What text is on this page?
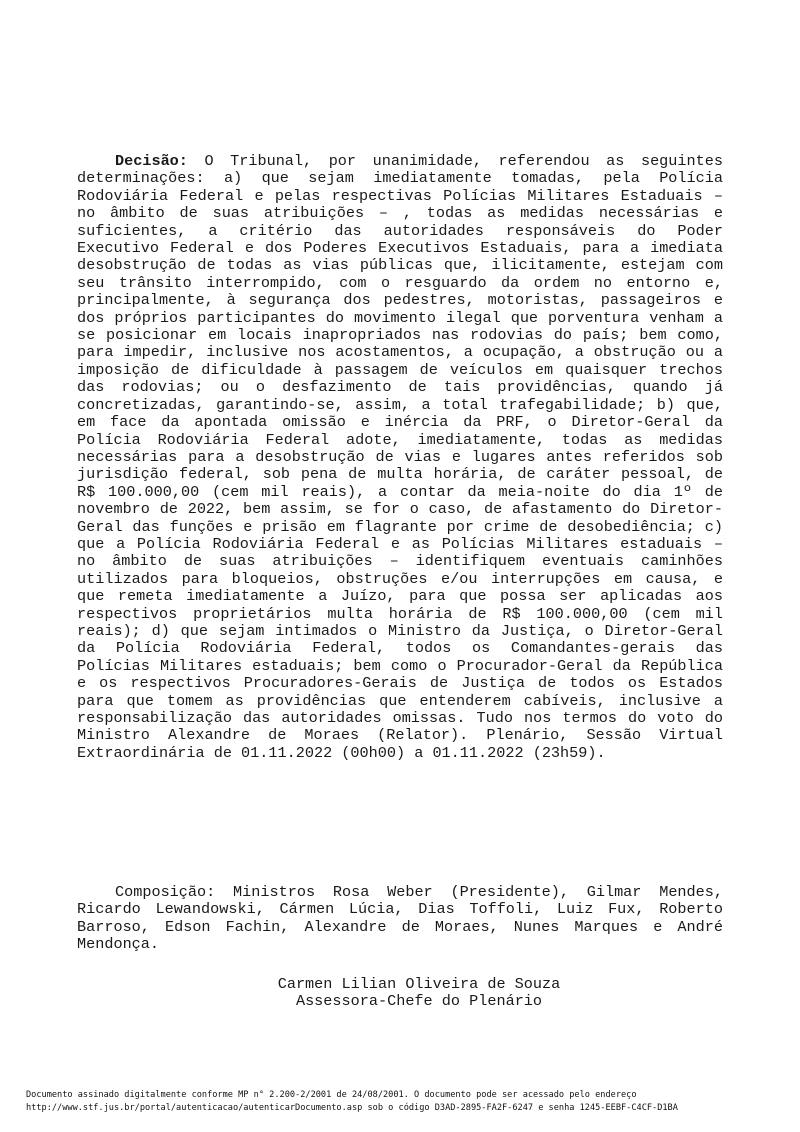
Decisão: O Tribunal, por unanimidade, referendou as seguintes determinações: a) que sejam imediatamente tomadas, pela Polícia Rodoviária Federal e pelas respectivas Polícias Militares Estaduais – no âmbito de suas atribuições – , todas as medidas necessárias e suficientes, a critério das autoridades responsáveis do Poder Executivo Federal e dos Poderes Executivos Estaduais, para a imediata desobstrução de todas as vias públicas que, ilicitamente, estejam com seu trânsito interrompido, com o resguardo da ordem no entorno e, principalmente, à segurança dos pedestres, motoristas, passageiros e dos próprios participantes do movimento ilegal que porventura venham a se posicionar em locais inapropriados nas rodovias do país; bem como, para impedir, inclusive nos acostamentos, a ocupação, a obstrução ou a imposição de dificuldade à passagem de veículos em quaisquer trechos das rodovias; ou o desfazimento de tais providências, quando já concretizadas, garantindo-se, assim, a total trafegabilidade; b) que, em face da apontada omissão e inércia da PRF, o Diretor-Geral da Polícia Rodoviária Federal adote, imediatamente, todas as medidas necessárias para a desobstrução de vias e lugares antes referidos sob jurisdição federal, sob pena de multa horária, de caráter pessoal, de R$ 100.000,00 (cem mil reais), a contar da meia-noite do dia 1º de novembro de 2022, bem assim, se for o caso, de afastamento do Diretor-Geral das funções e prisão em flagrante por crime de desobediência; c) que a Polícia Rodoviária Federal e as Polícias Militares estaduais – no âmbito de suas atribuições – identifiquem eventuais caminhões utilizados para bloqueios, obstruções e/ou interrupções em causa, e que remeta imediatamente a Juízo, para que possa ser aplicadas aos respectivos proprietários multa horária de R$ 100.000,00 (cem mil reais); d) que sejam intimados o Ministro da Justiça, o Diretor-Geral da Polícia Rodoviária Federal, todos os Comandantes-gerais das Polícias Militares estaduais; bem como o Procurador-Geral da República e os respectivos Procuradores-Gerais de Justiça de todos os Estados para que tomem as providências que entenderem cabíveis, inclusive a responsabilização das autoridades omissas. Tudo nos termos do voto do Ministro Alexandre de Moraes (Relator). Plenário, Sessão Virtual Extraordinária de 01.11.2022 (00h00) a 01.11.2022 (23h59).

Composição: Ministros Rosa Weber (Presidente), Gilmar Mendes, Ricardo Lewandowski, Cármen Lúcia, Dias Toffoli, Luiz Fux, Roberto Barroso, Edson Fachin, Alexandre de Moraes, Nunes Marques e André Mendonça.

Carmen Lilian Oliveira de Souza
Assessora-Chefe do Plenário
Documento assinado digitalmente conforme MP n° 2.200-2/2001 de 24/08/2001. O documento pode ser acessado pelo endereço
http://www.stf.jus.br/portal/autenticacao/autenticarDocumento.asp sob o código D3AD-2895-FA2F-6247 e senha 1245-EEBF-C4CF-D1BA
